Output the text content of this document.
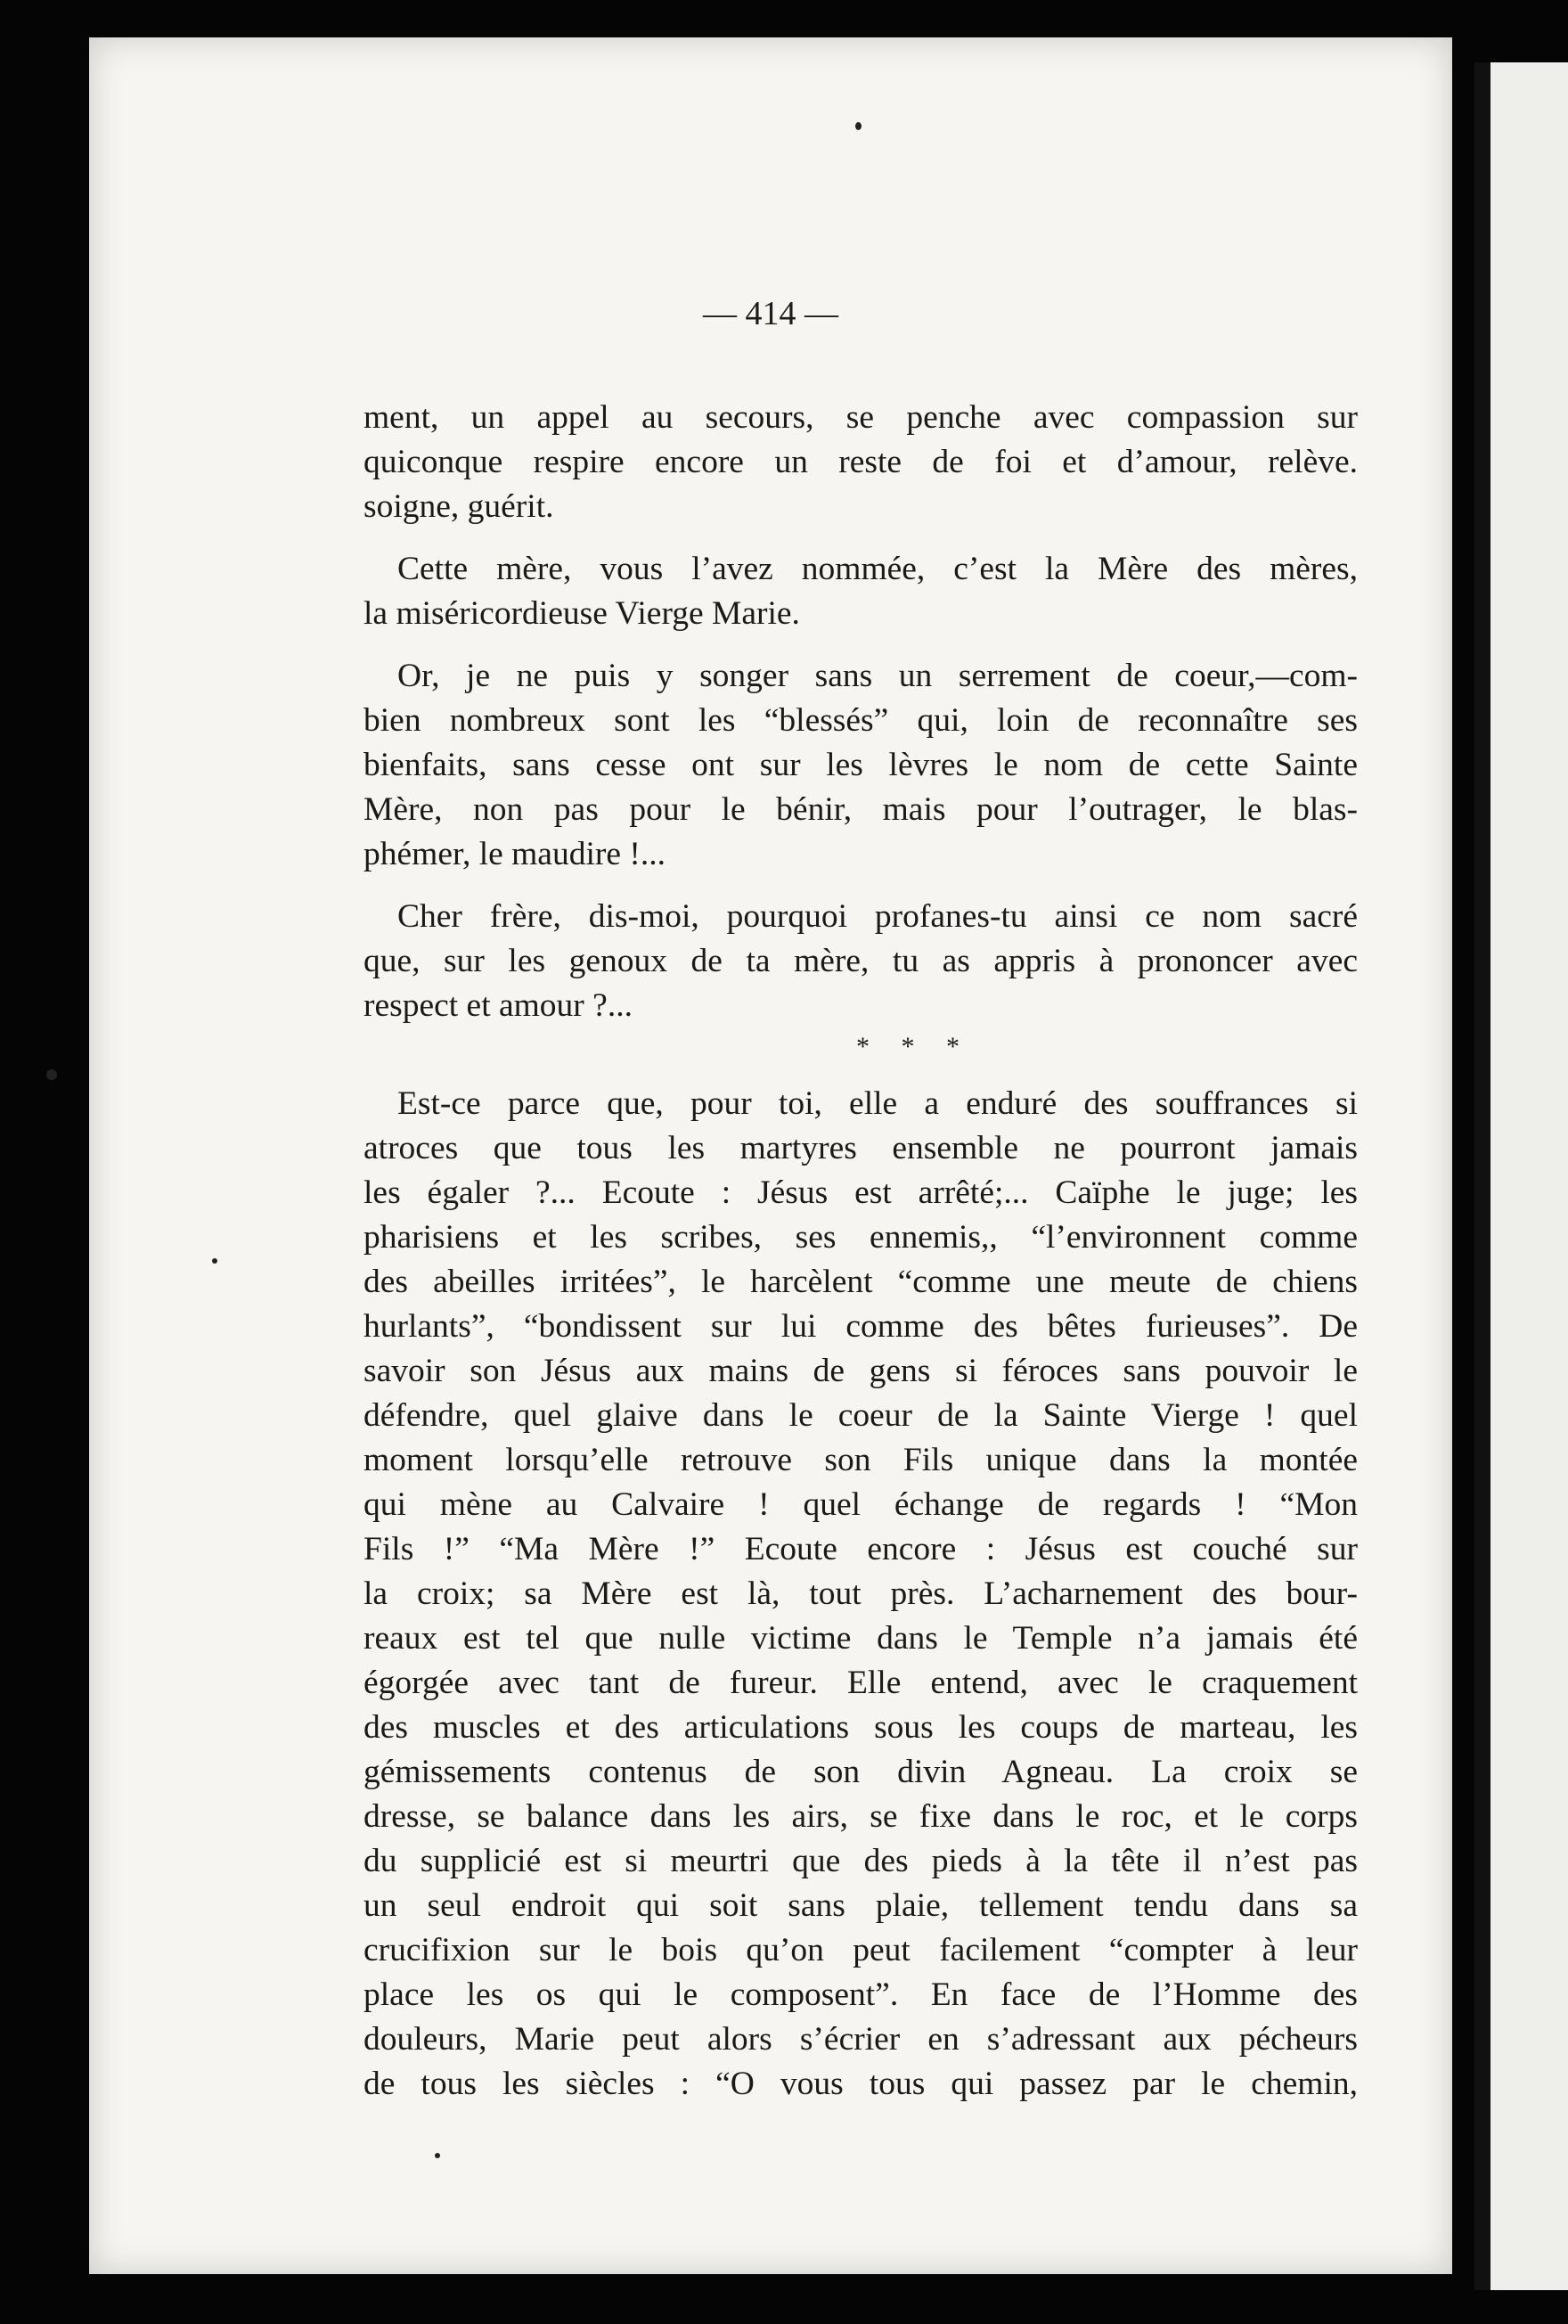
— 414 —
ment, un appel au secours, se penche avec compassion sur
quiconque respire encore un reste de foi et d’amour, relève.
soigne, guérit.
Cette mère, vous l’avez nommée, c’est la Mère des mères,
la miséricordieuse Vierge Marie.
Or, je ne puis y songer sans un serrement de coeur,—com-
bien nombreux sont les “blessés” qui, loin de reconnaître ses
bienfaits, sans cesse ont sur les lèvres le nom de cette Sainte
Mère, non pas pour le bénir, mais pour l’outrager, le blas-
phémer, le maudire !...
Cher frère, dis-moi, pourquoi profanes-tu ainsi ce nom sacré
que, sur les genoux de ta mère, tu as appris à prononcer avec
respect et amour ?...
* * *
Est-ce parce que, pour toi, elle a enduré des souffrances si
atroces que tous les martyres ensemble ne pourront jamais
les égaler ?... Ecoute : Jésus est arrêté;... Caïphe le juge; les
pharisiens et les scribes, ses ennemis,, “l’environnent comme
des abeilles irritées”, le harcèlent “comme une meute de chiens
hurlants”, “bondissent sur lui comme des bêtes furieuses”. De
savoir son Jésus aux mains de gens si féroces sans pouvoir le
défendre, quel glaive dans le coeur de la Sainte Vierge ! quel
moment lorsqu’elle retrouve son Fils unique dans la montée
qui mène au Calvaire ! quel échange de regards ! “Mon
Fils !” “Ma Mère !” Ecoute encore : Jésus est couché sur
la croix; sa Mère est là, tout près. L’acharnement des bour-
reaux est tel que nulle victime dans le Temple n’a jamais été
égorgée avec tant de fureur. Elle entend, avec le craquement
des muscles et des articulations sous les coups de marteau, les
gémissements contenus de son divin Agneau. La croix se
dresse, se balance dans les airs, se fixe dans le roc, et le corps
du supplicié est si meurtri que des pieds à la tête il n’est pas
un seul endroit qui soit sans plaie, tellement tendu dans sa
crucifixion sur le bois qu’on peut facilement “compter à leur
place les os qui le composent”. En face de l’Homme des
douleurs, Marie peut alors s’écrier en s’adressant aux pécheurs
de tous les siècles : “O vous tous qui passez par le chemin,
